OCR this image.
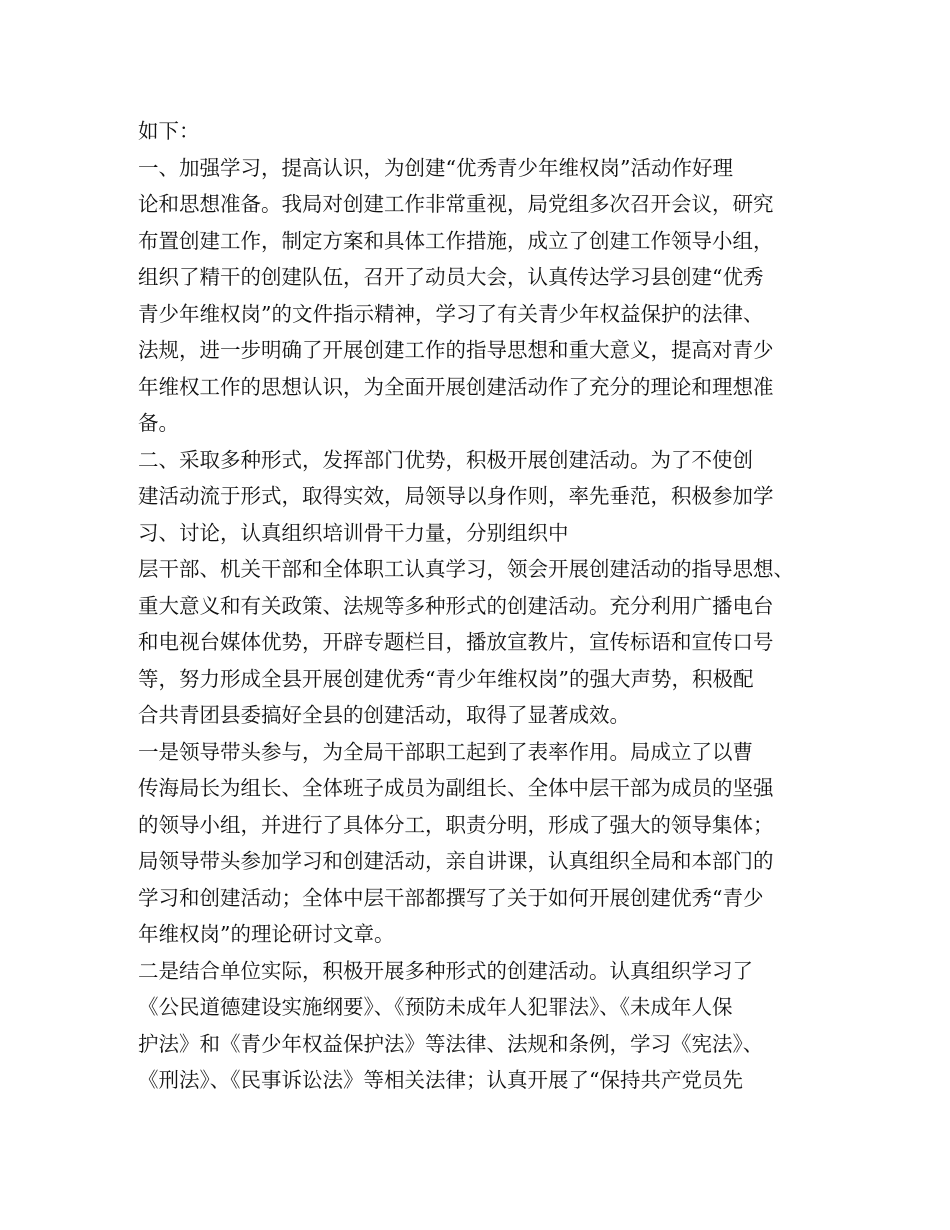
如下：
一、加强学习，提高认识，为创建“优秀青少年维权岗”活动作好理
论和思想准备。我局对创建工作非常重视，局党组多次召开会议，研究
布置创建工作，制定方案和具体工作措施，成立了创建工作领导小组，
组织了精干的创建队伍，召开了动员大会，认真传达学习县创建“优秀
青少年维权岗”的文件指示精神，学习了有关青少年权益保护的法律、
法规，进一步明确了开展创建工作的指导思想和重大意义，提高对青少
年维权工作的思想认识，为全面开展创建活动作了充分的理论和理想准
备。
二、采取多种形式，发挥部门优势，积极开展创建活动。为了不使创
建活动流于形式，取得实效，局领导以身作则，率先垂范，积极参加学
习、讨论，认真组织培训骨干力量，分别组织中
层干部、机关干部和全体职工认真学习，领会开展创建活动的指导思想、
重大意义和有关政策、法规等多种形式的创建活动。充分利用广播电台
和电视台媒体优势，开辟专题栏目，播放宣教片，宣传标语和宣传口号
等，努力形成全县开展创建优秀“青少年维权岗”的强大声势，积极配
合共青团县委搞好全县的创建活动，取得了显著成效。
一是领导带头参与，为全局干部职工起到了表率作用。局成立了以曹
传海局长为组长、全体班子成员为副组长、全体中层干部为成员的坚强
的领导小组，并进行了具体分工，职责分明，形成了强大的领导集体；
局领导带头参加学习和创建活动，亲自讲课，认真组织全局和本部门的
学习和创建活动；全体中层干部都撰写了关于如何开展创建优秀“青少
年维权岗”的理论研讨文章。
二是结合单位实际，积极开展多种形式的创建活动。认真组织学习了
《公民道德建设实施纲要》、《预防未成年人犯罪法》、《未成年人保
护法》和《青少年权益保护法》等法律、法规和条例，学习《宪法》、
《刑法》、《民事诉讼法》等相关法律；认真开展了“保持共产党员先
